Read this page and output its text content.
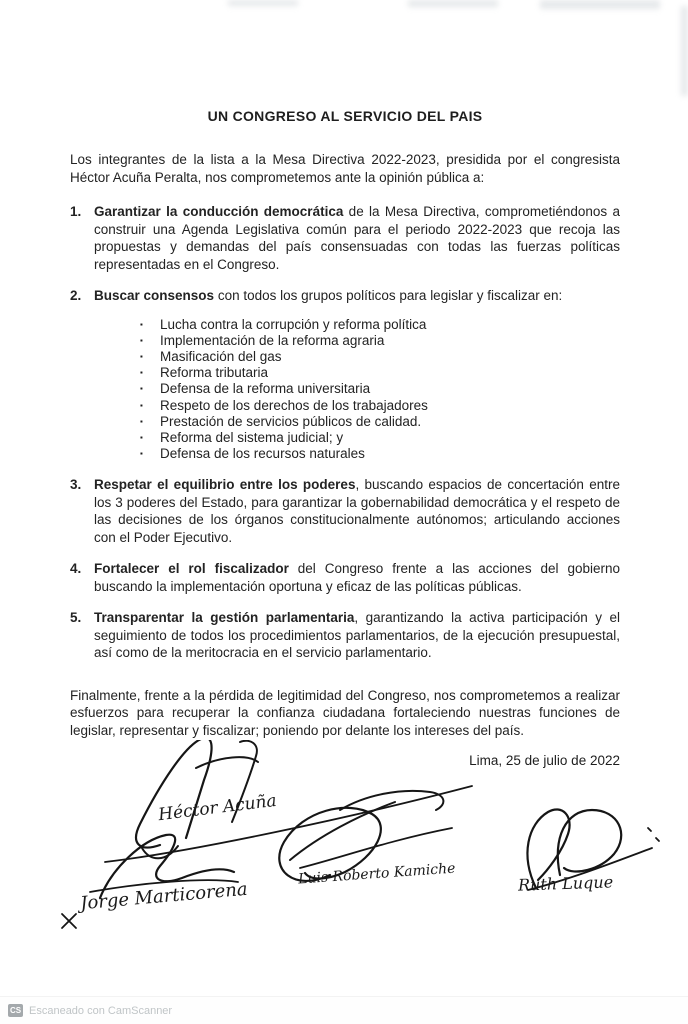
UN CONGRESO AL SERVICIO DEL PAIS

Los integrantes de la lista a la Mesa Directiva 2022-2023, presidida por el congresista Héctor Acuña Peralta, nos comprometemos ante la opinión pública a:

1. Garantizar la conducción democrática de la Mesa Directiva, comprometiéndonos a construir una Agenda Legislativa común para el periodo 2022-2023 que recoja las propuestas y demandas del país consensuadas con todas las fuerzas políticas representadas en el Congreso.
2. Buscar consensos con todos los grupos políticos para legislar y fiscalizar en:
▪	Lucha contra la corrupción y reforma política
▪	Implementación de la reforma agraria
▪	Masificación del gas
▪	Reforma tributaria
▪	Defensa de la reforma universitaria
▪	Respeto de los derechos de los trabajadores
▪	Prestación de servicios públicos de calidad.
▪	Reforma del sistema judicial; y
▪	Defensa de los recursos naturales
3. Respetar el equilibrio entre los poderes, buscando espacios de concertación entre los 3 poderes del Estado, para garantizar la gobernabilidad democrática y el respeto de las decisiones de los órganos constitucionalmente autónomos; articulando acciones con el Poder Ejecutivo.
4. Fortalecer el rol fiscalizador del Congreso frente a las acciones del gobierno buscando la implementación oportuna y eficaz de las políticas públicas.
5. Transparentar la gestión parlamentaria, garantizando la activa participación y el seguimiento de todos los procedimientos parlamentarios, de la ejecución presupuestal, así como de la meritocracia en el servicio parlamentario.

Finalmente, frente a la pérdida de legitimidad del Congreso, nos comprometemos a realizar esfuerzos para recuperar la confianza ciudadana fortaleciendo nuestras funciones de legislar, representar y fiscalizar; poniendo por delante los intereses del país.

Lima, 25 de julio de 2022
Héctor Acuña
Jorge Marticorena
Luis Roberto Kamiche	Ruth Luque
CS Escaneado con CamScanner
